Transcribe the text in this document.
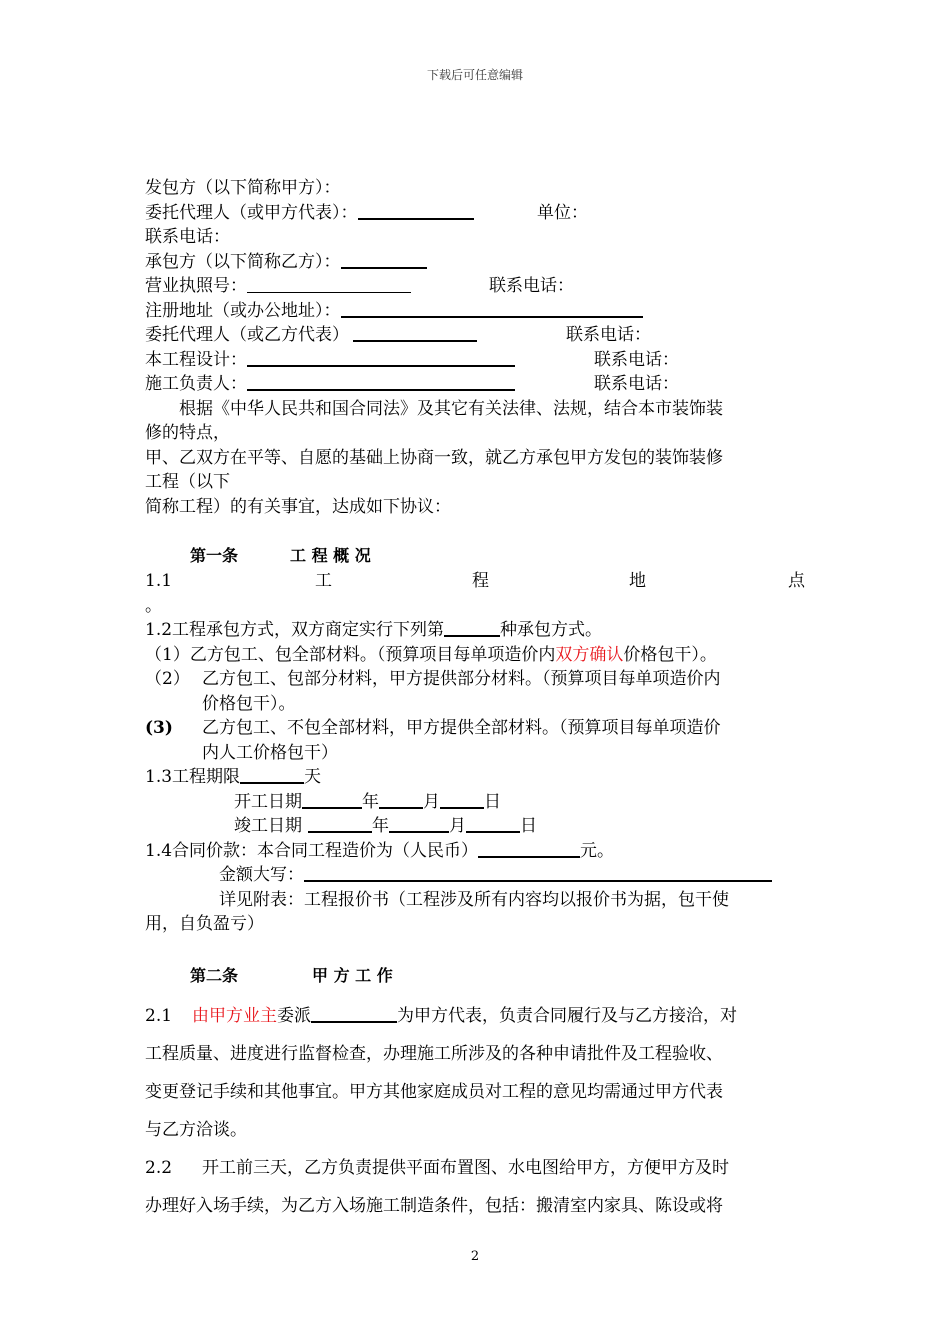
下载后可任意编辑
发包方（以下简称甲方）：
委托代理人（或甲方代表）：	单位：
联系电话：
承包方（以下简称乙方）：
营业执照号：	联系电话：
注册地址（或办公地址）：
委托代理人（或乙方代表）	联系电话：
本工程设计：	联系电话：
施工负责人：	联系电话：
根据《中华人民共和国合同法》及其它有关法律、法规，结合本市装饰装
修的特点，
甲、乙双方在平等、自愿的基础上协商一致，就乙方承包甲方发包的装饰装修
工程（以下
简称工程）的有关事宜，达成如下协议：
第一条	工 程 概 况
1.1	工	程	地	点
。
1.2工程承包方式，双方商定实行下列第	种承包方式。
（1）乙方包工、包全部材料。（预算项目每单项造价内双方确认价格包干）。
（2） 乙方包工、包部分材料，甲方提供部分材料。（预算项目每单项造价内
价格包干）。
(3) 乙方包工、不包全部材料，甲方提供全部材料。（预算项目每单项造价
内人工价格包干）
1.3工程期限	天
开工日期	年	月	日
竣工日期	年	月	日
1.4合同价款：本合同工程造价为（人民币）	元。
金额大写：
详见附表：工程报价书（工程涉及所有内容均以报价书为据，包干使
用，自负盈亏）
第二条	甲 方 工 作
2.1 由甲方业主委派	为甲方代表，负责合同履行及与乙方接洽，对
工程质量、进度进行监督检查，办理施工所涉及的各种申请批件及工程验收、
变更登记手续和其他事宜。甲方其他家庭成员对工程的意见均需通过甲方代表
与乙方洽谈。
2.2 开工前三天，乙方负责提供平面布置图、水电图给甲方，方便甲方及时
办理好入场手续，为乙方入场施工制造条件，包括：搬清室内家具、陈设或将
2
